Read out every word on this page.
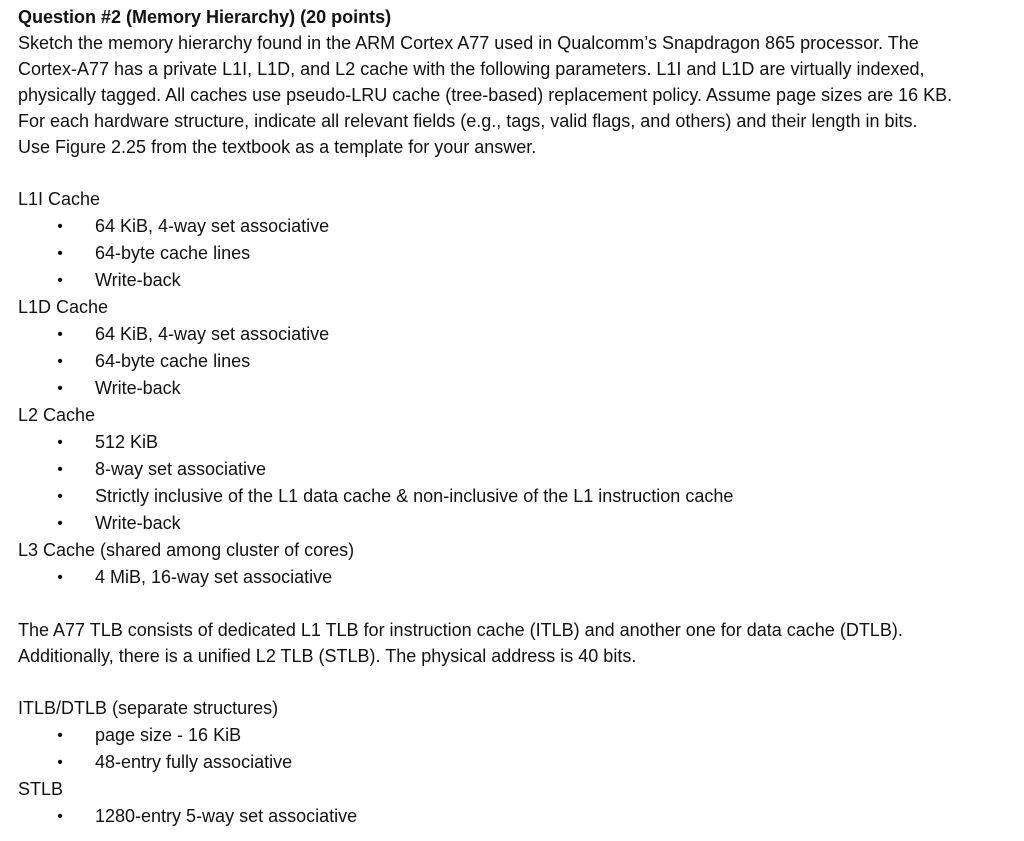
Question #2 (Memory Hierarchy) (20 points)

Sketch the memory hierarchy found in the ARM Cortex A77 used in Qualcomm’s Snapdragon 865 processor. The

Cortex-A77 has a private L1I, L1D, and L2 cache with the following parameters. L1I and L1D are virtually indexed,

physically tagged. All caches use pseudo-LRU cache (tree-based) replacement policy. Assume page sizes are 16 KB.

For each hardware structure, indicate all relevant fields (e.g., tags, valid flags, and others) and their length in bits.

Use Figure 2.25 from the textbook as a template for your answer.

L1I Cache

• 64 KiB, 4-way set associative
• 64-byte cache lines
• Write-back

L1D Cache

• 64 KiB, 4-way set associative
• 64-byte cache lines
• Write-back

L2 Cache

• 512 KiB
• 8-way set associative
• Strictly inclusive of the L1 data cache & non-inclusive of the L1 instruction cache
• Write-back

L3 Cache (shared among cluster of cores)

• 4 MiB, 16-way set associative

The A77 TLB consists of dedicated L1 TLB for instruction cache (ITLB) and another one for data cache (DTLB).

Additionally, there is a unified L2 TLB (STLB). The physical address is 40 bits.

ITLB/DTLB (separate structures)

• page size - 16 KiB
• 48-entry fully associative

STLB

• 1280-entry 5-way set associative
